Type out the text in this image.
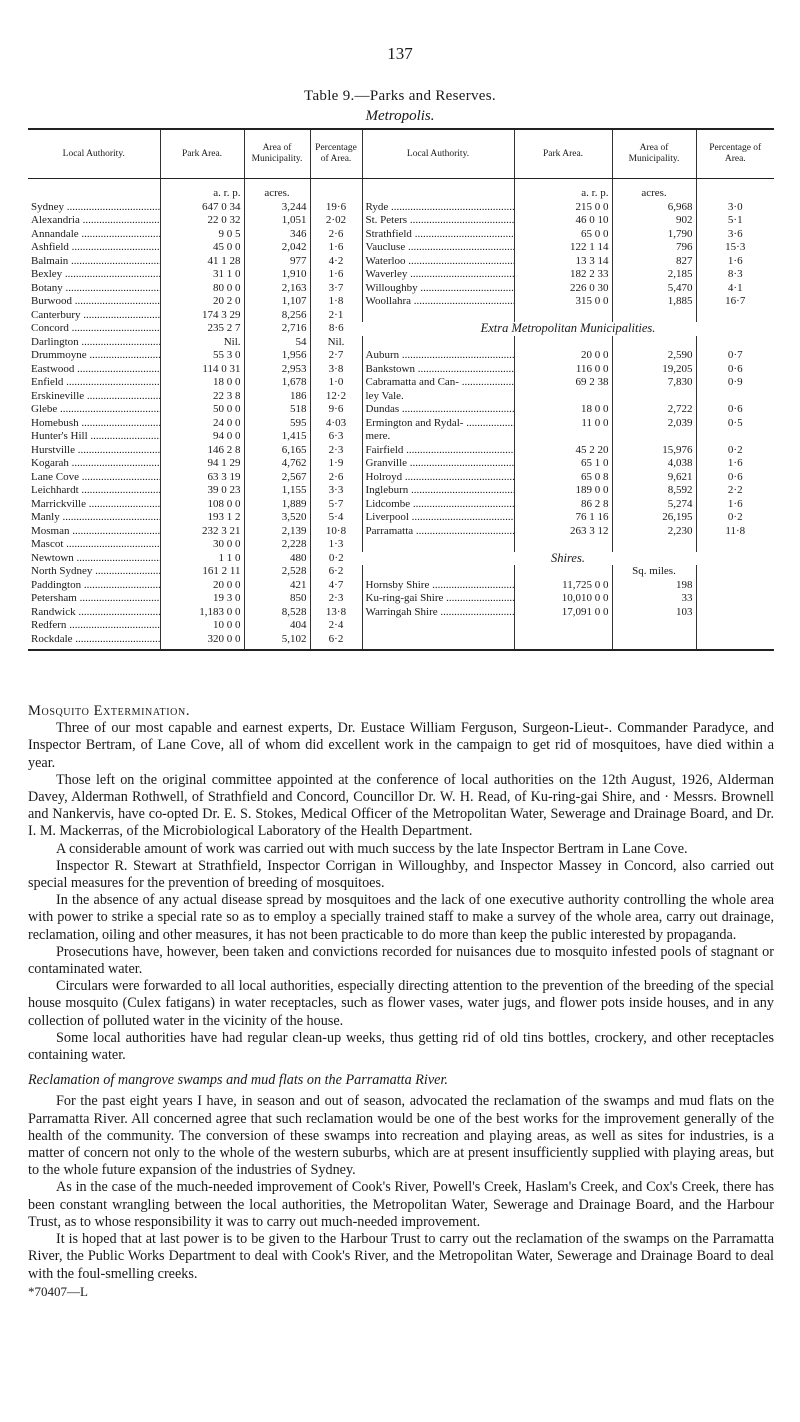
137
Table 9.—Parks and Reserves.
Metropolis.
Local Authority.	Park Area.	Area of Municipality.	Percentage of Area.	Local Authority.	Park Area.	Area of Municipality.	Percentage of Area.
	a. r. p.	acres.			a. r. p.	acres.	
Sydney .....	647 0 34	3,244	19·6	Ryde .....	215 0 0	6,968	3·0
Alexandria .....	22 0 32	1,051	2·02	St. Peters .....	46 0 10	902	5·1
Annandale .....	9 0 5	346	2·6	Strathfield .....	65 0 0	1,790	3·6
Ashfield .....	45 0 0	2,042	1·6	Vaucluse .....	122 1 14	796	15·3
Balmain .....	41 1 28	977	4·2	Waterloo .....	13 3 14	827	1·6
Bexley .....	31 1 0	1,910	1·6	Waverley .....	182 2 33	2,185	8·3
Botany .....	80 0 0	2,163	3·7	Willoughby .....	226 0 30	5,470	4·1
Burwood .....	20 2 0	1,107	1·8	Woollahra .....	315 0 0	1,885	16·7
Canterbury .....	174 3 29	8,256	2·1				
Concord .....	235 2 7	2,716	8·6	Extra Metropolitan Municipalities.			
Darlington .....	Nil.	54	Nil.				
Drummoyne .....	55 3 0	1,956	2·7	Auburn .....	20 0 0	2,590	0·7
Eastwood .....	114 0 31	2,953	3·8	Bankstown .....	116 0 0	19,205	0·6
Enfield .....	18 0 0	1,678	1·0	Cabramatta and Can- .....	69 2 38	7,830	0·9
Erskineville .....	22 3 8	186	12·2	ley Vale.			
Glebe .....	50 0 0	518	9·6	Dundas .....	18 0 0	2,722	0·6
Homebush .....	24 0 0	595	4·03	Ermington and Rydal- .....	11 0 0	2,039	0·5
Hunter's Hill .....	94 0 0	1,415	6·3	mere.			
Hurstville .....	146 2 8	6,165	2·3	Fairfield .....	45 2 20	15,976	0·2
Kogarah .....	94 1 29	4,762	1·9	Granville .....	65 1 0	4,038	1·6
Lane Cove .....	63 3 19	2,567	2·6	Holroyd .....	65 0 8	9,621	0·6
Leichhardt .....	39 0 23	1,155	3·3	Ingleburn .....	189 0 0	8,592	2·2
Marrickville .....	108 0 0	1,889	5·7	Lidcombe .....	86 2 8	5,274	1·6
Manly .....	193 1 2	3,520	5·4	Liverpool .....	76 1 16	26,195	0·2
Mosman .....	232 3 21	2,139	10·8	Parramatta .....	263 3 12	2,230	11·8
Mascot .....	30 0 0	2,228	1·3				
Newtown .....	1 1 0	480	0·2	Shires.			
North Sydney .....	161 2 11	2,528	6·2			Sq. miles.	
Paddington .....	20 0 0	421	4·7	Hornsby Shire .....	11,725 0 0	198	
Petersham .....	19 3 0	850	2·3	Ku-ring-gai Shire .....	10,010 0 0	33	
Randwick .....	1,183 0 0	8,528	13·8	Warringah Shire .....	17,091 0 0	103	
Redfern .....	10 0 0	404	2·4				
Rockdale .....	320 0 0	5,102	6·2				

Mosquito Extermination.

Three of our most capable and earnest experts, Dr. Eustace William Ferguson, Surgeon-Lieut-. Commander Paradyce, and Inspector Bertram, of Lane Cove, all of whom did excellent work in the campaign to get rid of mosquitoes, have died within a year.

Those left on the original committee appointed at the conference of local authorities on the 12th August, 1926, Alderman Davey, Alderman Rothwell, of Strathfield and Concord, Councillor Dr. W. H. Read, of Ku-ring-gai Shire, and · Messrs. Brownell and Nankervis, have co-opted Dr. E. S. Stokes, Medical Officer of the Metropolitan Water, Sewerage and Drainage Board, and Dr. I. M. Mackerras, of the Microbiological Laboratory of the Health Department.

A considerable amount of work was carried out with much success by the late Inspector Bertram in Lane Cove.

Inspector R. Stewart at Strathfield, Inspector Corrigan in Willoughby, and Inspector Massey in Concord, also carried out special measures for the prevention of breeding of mosquitoes.

In the absence of any actual disease spread by mosquitoes and the lack of one executive authority controlling the whole area with power to strike a special rate so as to employ a specially trained staff to make a survey of the whole area, carry out drainage, reclamation, oiling and other measures, it has not been practicable to do more than keep the public interested by propaganda.

Prosecutions have, however, been taken and convictions recorded for nuisances due to mosquito infested pools of stagnant or contaminated water.

Circulars were forwarded to all local authorities, especially directing attention to the prevention of the breeding of the special house mosquito (Culex fatigans) in water receptacles, such as flower vases, water jugs, and flower pots inside houses, and in any collection of polluted water in the vicinity of the house.

Some local authorities have had regular clean-up weeks, thus getting rid of old tins bottles, crockery, and other receptacles containing water.

Reclamation of mangrove swamps and mud flats on the Parramatta River.

For the past eight years I have, in season and out of season, advocated the reclamation of the swamps and mud flats on the Parramatta River. All concerned agree that such reclamation would be one of the best works for the improvement generally of the health of the community. The conversion of these swamps into recreation and playing areas, as well as sites for industries, is a matter of concern not only to the whole of the western suburbs, which are at present insufficiently supplied with playing areas, but to the whole future expansion of the industries of Sydney.

As in the case of the much-needed improvement of Cook's River, Powell's Creek, Haslam's Creek, and Cox's Creek, there has been constant wrangling between the local authorities, the Metropolitan Water, Sewerage and Drainage Board, and the Harbour Trust, as to whose responsibility it was to carry out much-needed improvement.

It is hoped that at last power is to be given to the Harbour Trust to carry out the reclamation of the swamps on the Parramatta River, the Public Works Department to deal with Cook's River, and the Metropolitan Water, Sewerage and Drainage Board to deal with the foul-smelling creeks.

*70407—L
